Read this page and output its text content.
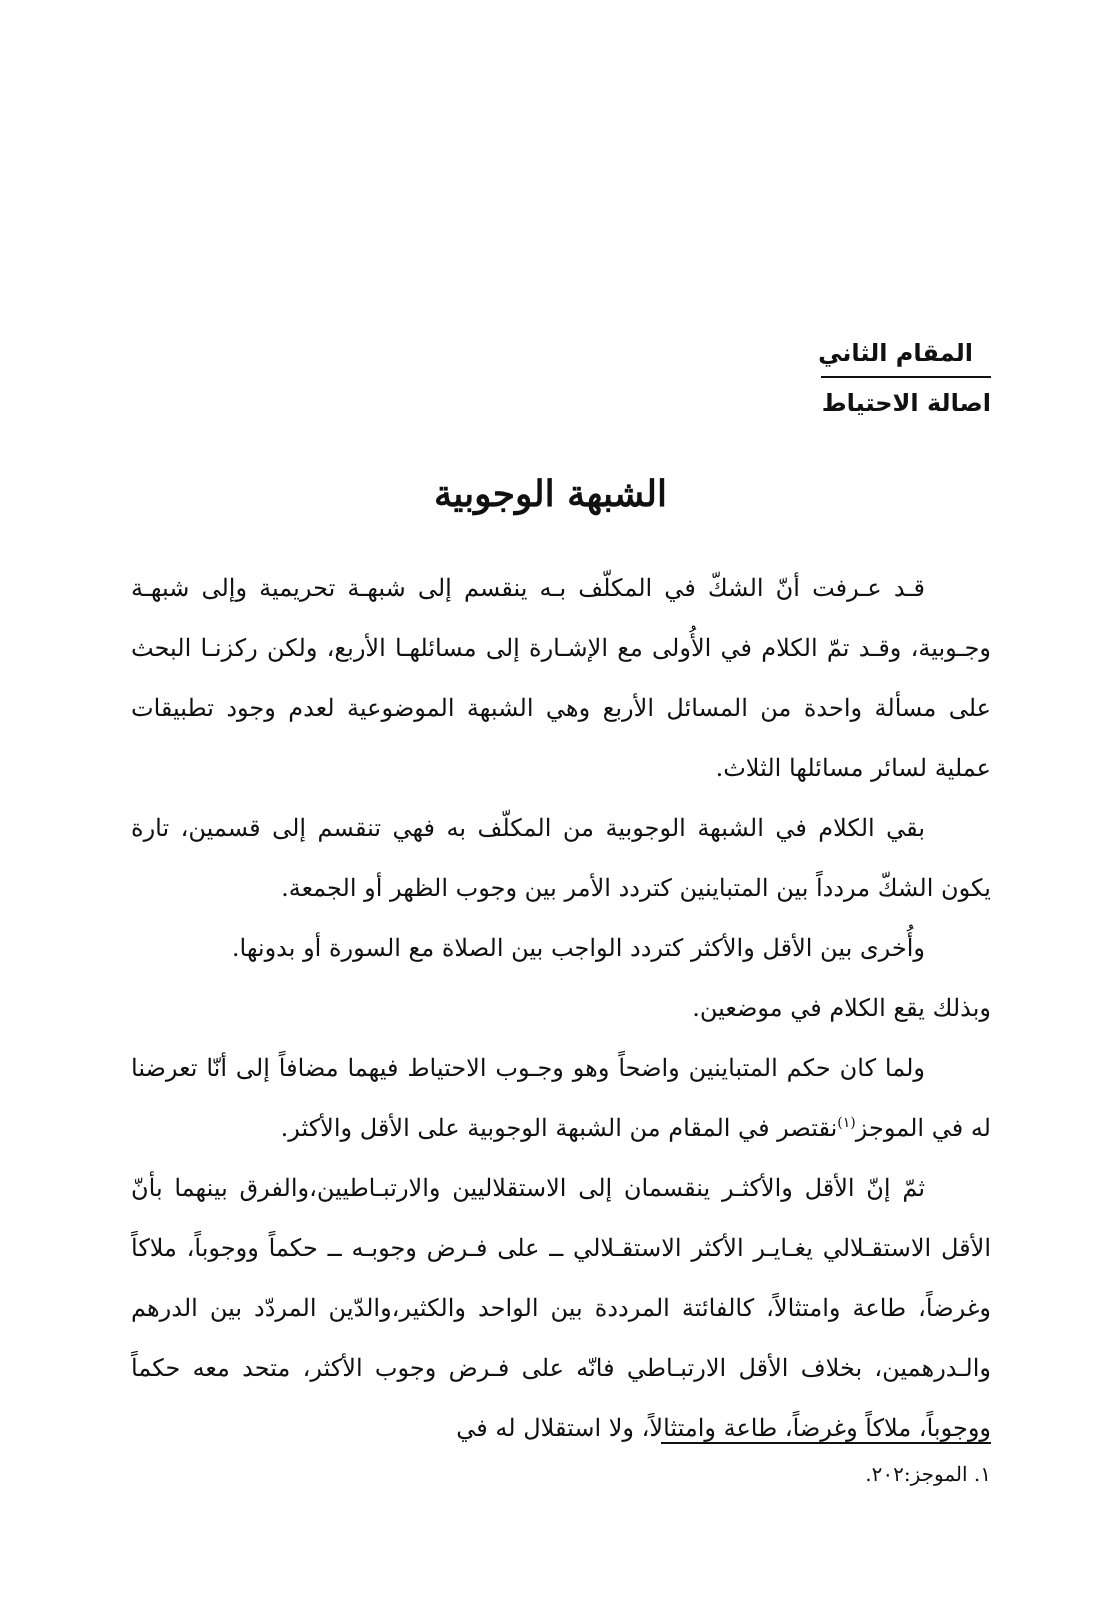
المقام الثاني
اصالة الاحتياط
الشبهة الوجوبية

قـد عـرفت أنّ الشكّ في المكلّف بـه ينقسم إلى شبهـة تحريمية وإلى شبهـة وجـوبية، وقـد تمّ الكلام في الأُولى مع الإشـارة إلى مسائلهـا الأربع، ولكن ركزنـا البحث على مسألة واحدة من المسائل الأربع وهي الشبهة الموضوعية لعدم وجود تطبيقات عملية لسائر مسائلها الثلاث.

بقي الكلام في الشبهة الوجوبية من المكلّف به فهي تنقسم إلى قسمين، تارة يكون الشكّ مردداً بين المتباينين كتردد الأمر بين وجوب الظهر أو الجمعة.

وأُخرى بين الأقل والأكثر كتردد الواجب بين الصلاة مع السورة أو بدونها.

وبذلك يقع الكلام في موضعين.

ولما كان حكم المتباينين واضحاً وهو وجـوب الاحتياط فيهما مضافاً إلى أنّا تعرضنا له في الموجز$^{(١)}$نقتصر في المقام من الشبهة الوجوبية على الأقل والأكثر.

ثمّ إنّ الأقل والأكثـر ينقسمان إلى الاستقلاليين والارتبـاطيين،والفرق بينهما بأنّ الأقل الاستقـلالي يغـايـر الأكثر الاستقـلالي ــ على فـرض وجوبـه ــ حكماً ووجوباً، ملاكاً وغرضاً، طاعة وامتثالاً، كالفائتة المرددة بين الواحد والكثير،والدّين المردّد بين الدرهم والـدرهمين، بخلاف الأقل الارتبـاطي فانّه على فـرض وجوب الأكثر، متحد معه حكماً ووجوباً، ملاكاً وغرضاً، طاعة وامتثالاً، ولا استقلال له في

١. الموجز:٢٠٢.
